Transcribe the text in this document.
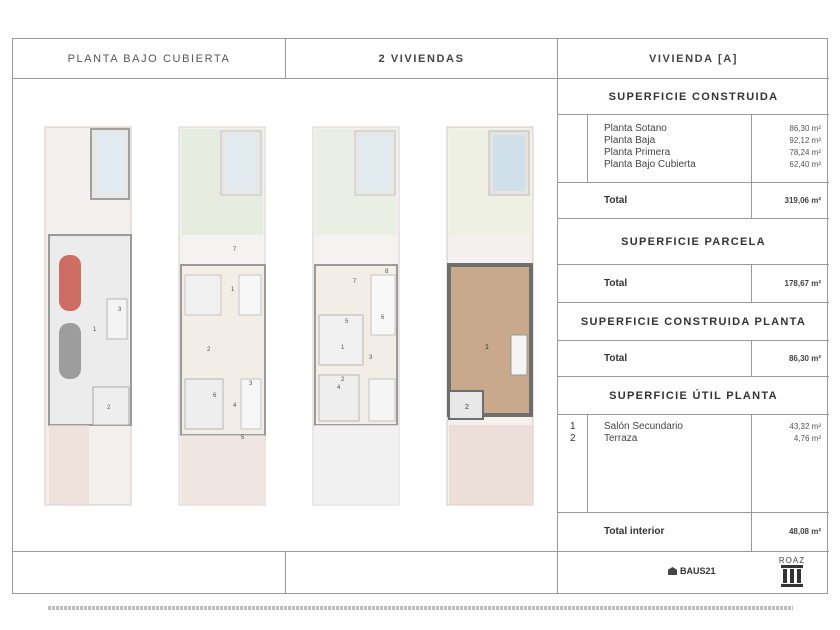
PLANTA BAJO CUBIERTA	2 VIVIENDAS	VIVIENDA [A]
1
2
3
1
2
3
4
5
6
7
1
2
3
4
5
6
7
8
1
2
SUPERFICIE CONSTRUIDA
Planta Sotano	86,30 m²
Planta Baja	92,12 m²
Planta Primera	78,24 m²
Planta Bajo Cubierta	62,40 m²
Total	319,06 m²
SUPERFICIE PARCELA
Total	178,67 m²
SUPERFICIE CONSTRUIDA PLANTA
Total	86,30 m²
SUPERFICIE ÚTIL PLANTA
1	Salón Secundario	43,32 m²
2	Terraza	4,76 m²
Total interior	48,08 m²
BAUS21
ROAZ
